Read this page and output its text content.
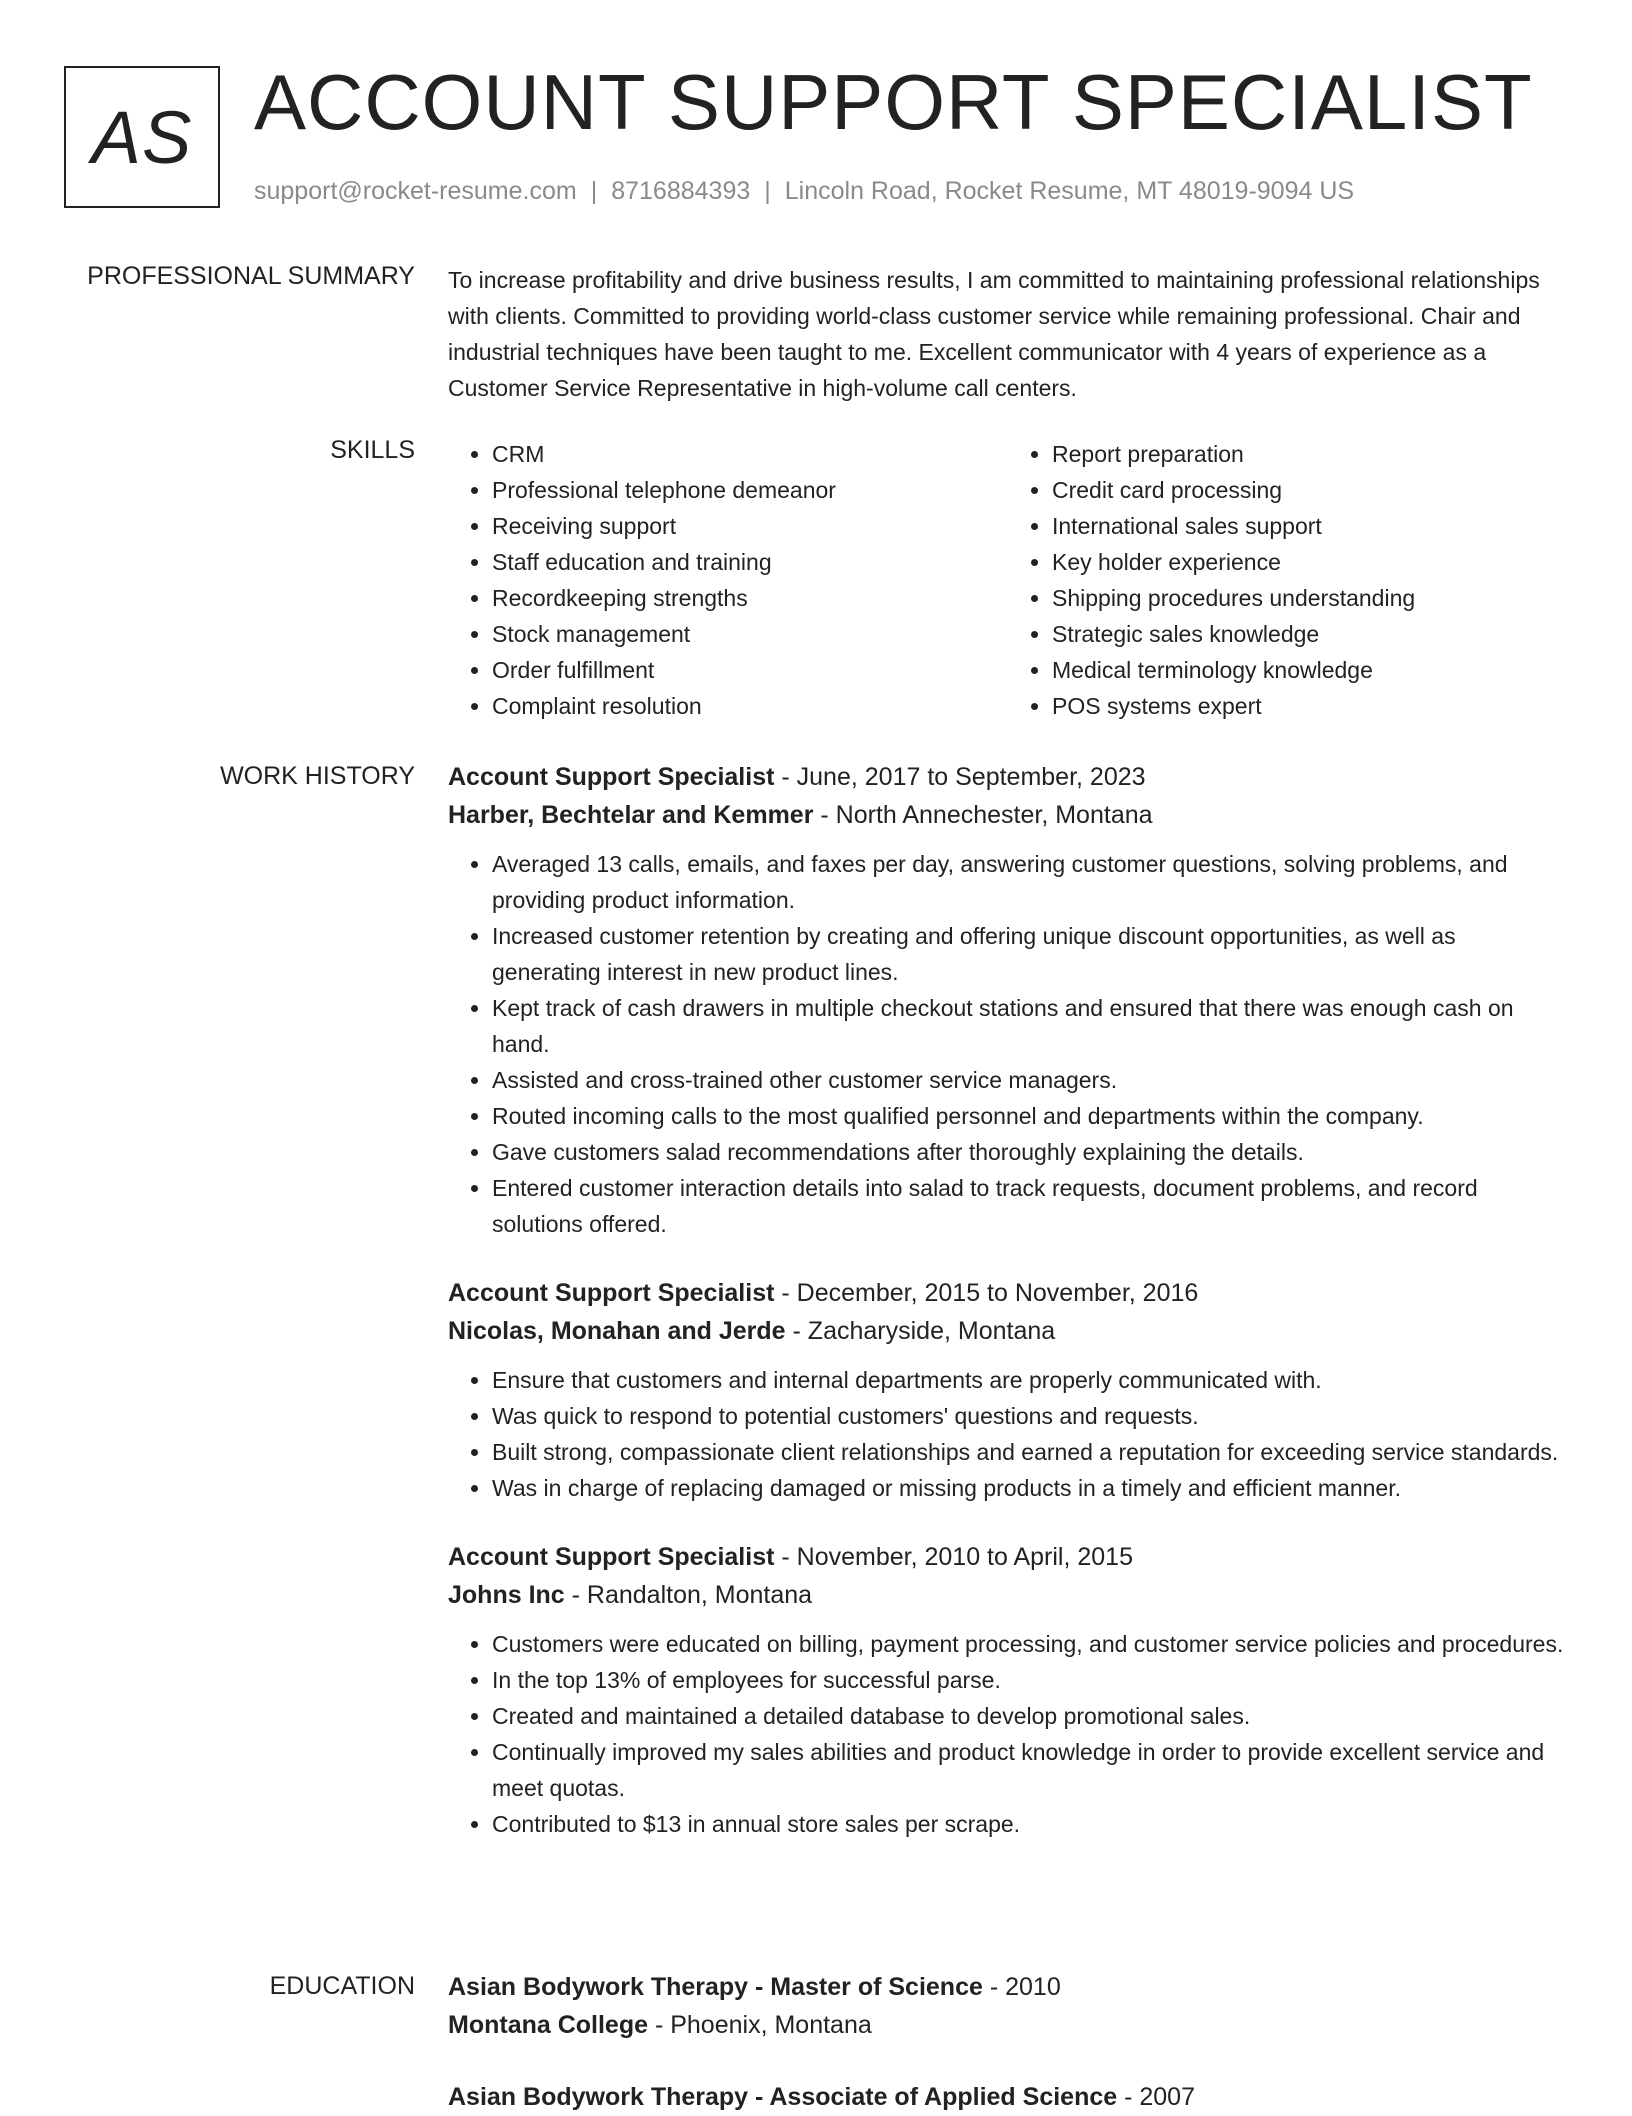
AS ACCOUNT SUPPORT SPECIALIST
support@rocket-resume.com | 8716884393 | Lincoln Road, Rocket Resume, MT 48019-9094 US
PROFESSIONAL SUMMARY To increase profitability and drive business results, I am committed to maintaining professional relationships with clients. Committed to providing world-class customer service while remaining professional. Chair and industrial techniques have been taught to me. Excellent communicator with 4 years of experience as a Customer Service Representative in high-volume call centers.

SKILLS
•	CRM
• Professional telephone demeanor
• Receiving support
• Staff education and training
• Recordkeeping strengths
• Stock management
• Order fulfillment
• Complaint resolution
• Report preparation
• Credit card processing
• International sales support
• Key holder experience
• Shipping procedures understanding
• Strategic sales knowledge
• Medical terminology knowledge
• POS systems expert
WORK HISTORY Account Support Specialist - June, 2017 to September, 2023
Harber, Bechtelar and Kemmer - North Annechester, Montana
• Averaged 13 calls, emails, and faxes per day, answering customer questions, solving problems, and providing product information.
• Increased customer retention by creating and offering unique discount opportunities, as well as generating interest in new product lines.
• Kept track of cash drawers in multiple checkout stations and ensured that there was enough cash on hand.
• Assisted and cross-trained other customer service managers.
• Routed incoming calls to the most qualified personnel and departments within the company.
• Gave customers salad recommendations after thoroughly explaining the details.
• Entered customer interaction details into salad to track requests, document problems, and record solutions offered.
Account Support Specialist - December, 2015 to November, 2016
Nicolas, Monahan and Jerde - Zacharyside, Montana
• Ensure that customers and internal departments are properly communicated with.
• Was quick to respond to potential customers' questions and requests.
• Built strong, compassionate client relationships and earned a reputation for exceeding service standards.
• Was in charge of replacing damaged or missing products in a timely and efficient manner.
Account Support Specialist - November, 2010 to April, 2015
Johns Inc - Randalton, Montana
• Customers were educated on billing, payment processing, and customer service policies and procedures.
• In the top 13% of employees for successful parse.
• Created and maintained a detailed database to develop promotional sales.
• Continually improved my sales abilities and product knowledge in order to provide excellent service and meet quotas.
• Contributed to $13 in annual store sales per scrape.
EDUCATION Asian Bodywork Therapy - Master of Science - 2010
Montana College - Phoenix, Montana
Asian Bodywork Therapy - Associate of Applied Science - 2007
